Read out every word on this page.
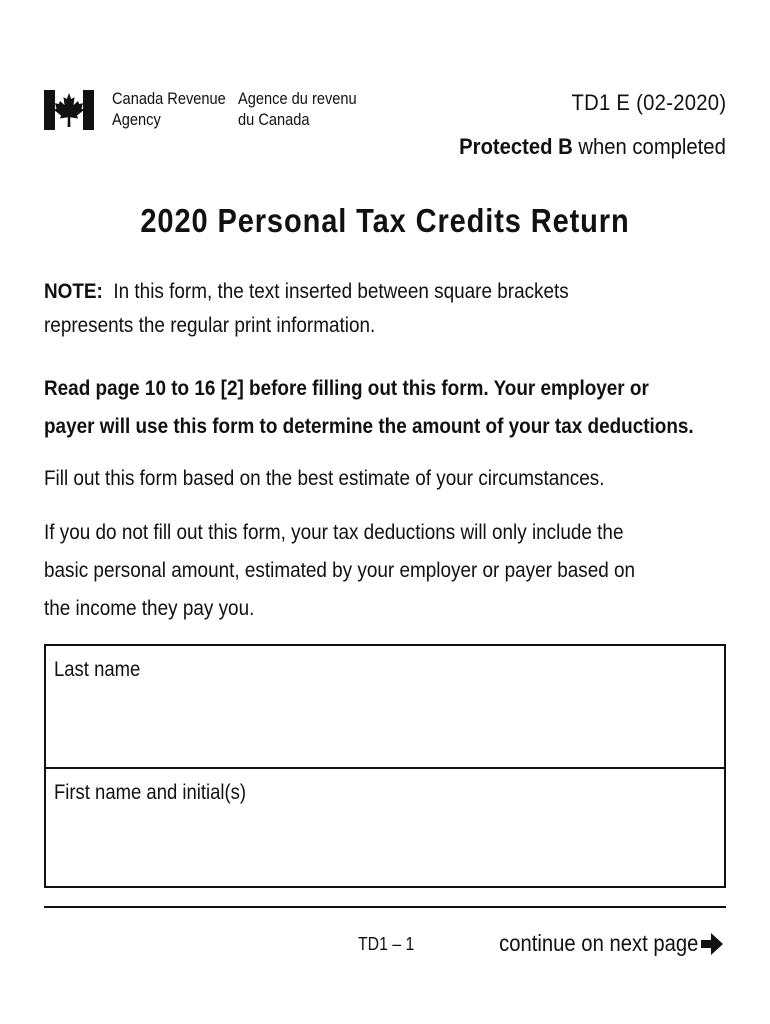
Canada Revenue
Agency
Agence du revenu
du Canada
TD1 E (02-2020)
Protected B when completed
2020 Personal Tax Credits Return
NOTE: In this form, the text inserted between square brackets
represents the regular print information.
Read page 10 to 16 [2] before filling out this form. Your employer or
payer will use this form to determine the amount of your tax deductions.
Fill out this form based on the best estimate of your circumstances.
If you do not fill out this form, your tax deductions will only include the
basic personal amount, estimated by your employer or payer based on
the income they pay you.
Last name
First name and initial(s)
TD1 – 1	continue on next page
